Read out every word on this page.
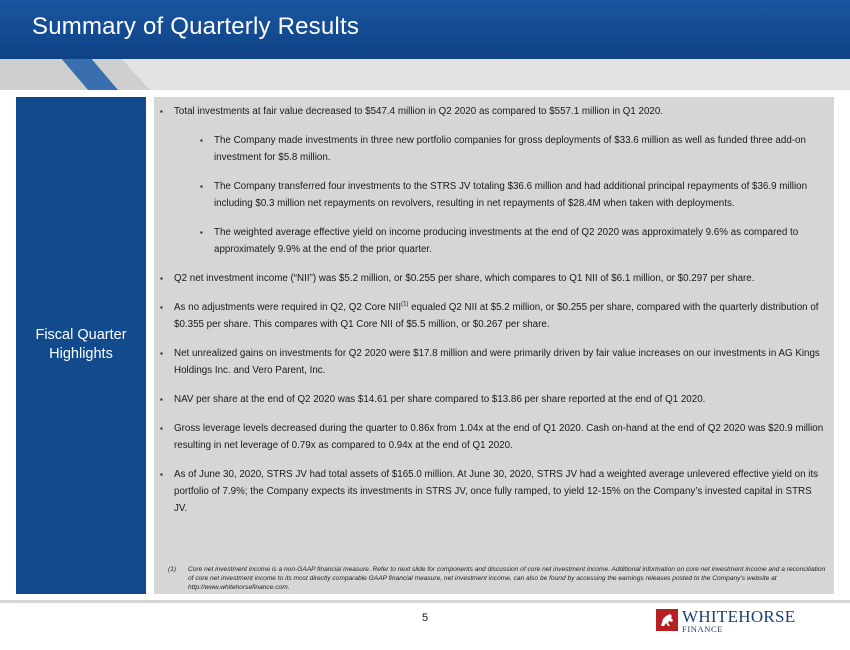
Summary of Quarterly Results
Fiscal Quarter Highlights
▪ Total investments at fair value decreased to $547.4 million in Q2 2020 as compared to $557.1 million in Q1 2020.
▪ The Company made investments in three new portfolio companies for gross deployments of $33.6 million as well as funded three add-on investment for $5.8 million.
▪ The Company transferred four investments to the STRS JV totaling $36.6 million and had additional principal repayments of $36.9 million including $0.3 million net repayments on revolvers, resulting in net repayments of $28.4M when taken with deployments.
▪ The weighted average effective yield on income producing investments at the end of Q2 2020 was approximately 9.6% as compared to approximately 9.9% at the end of the prior quarter.
▪ Q2 net investment income (“NII”) was $5.2 million, or $0.255 per share, which compares to Q1 NII of $6.1 million, or $0.297 per share.
▪ As no adjustments were required in Q2, Q2 Core NII$^{(1)}$ equaled Q2 NII at $5.2 million, or $0.255 per share, compared with the quarterly distribution of $0.355 per share. This compares with Q1 Core NII of $5.5 million, or $0.267 per share.
▪ Net unrealized gains on investments for Q2 2020 were $17.8 million and were primarily driven by fair value increases on our investments in AG Kings Holdings Inc. and Vero Parent, Inc.
▪ NAV per share at the end of Q2 2020 was $14.61 per share compared to $13.86 per share reported at the end of Q1 2020.
▪ Gross leverage levels decreased during the quarter to 0.86x from 1.04x at the end of Q1 2020. Cash on-hand at the end of Q2 2020 was $20.9 million resulting in net leverage of 0.79x as compared to 0.94x at the end of Q1 2020.
▪ As of June 30, 2020, STRS JV had total assets of $165.0 million. At June 30, 2020, STRS JV had a weighted average unlevered effective yield on its portfolio of 7.9%; the Company expects its investments in STRS JV, once fully ramped, to yield 12-15% on the Company’s invested capital in STRS JV.
(1)	Core net investment income is a non-GAAP financial measure. Refer to next slide for components and discussion of core net investment income. Additional information on core net investment income and a reconciliation of core net investment income to its most directly comparable GAAP financial measure, net investment income, can also be found by accessing the earnings releases posted to the Company’s website at http://www.whitehorsefinance.com.
5	WHITEHORSE
FINANCE
